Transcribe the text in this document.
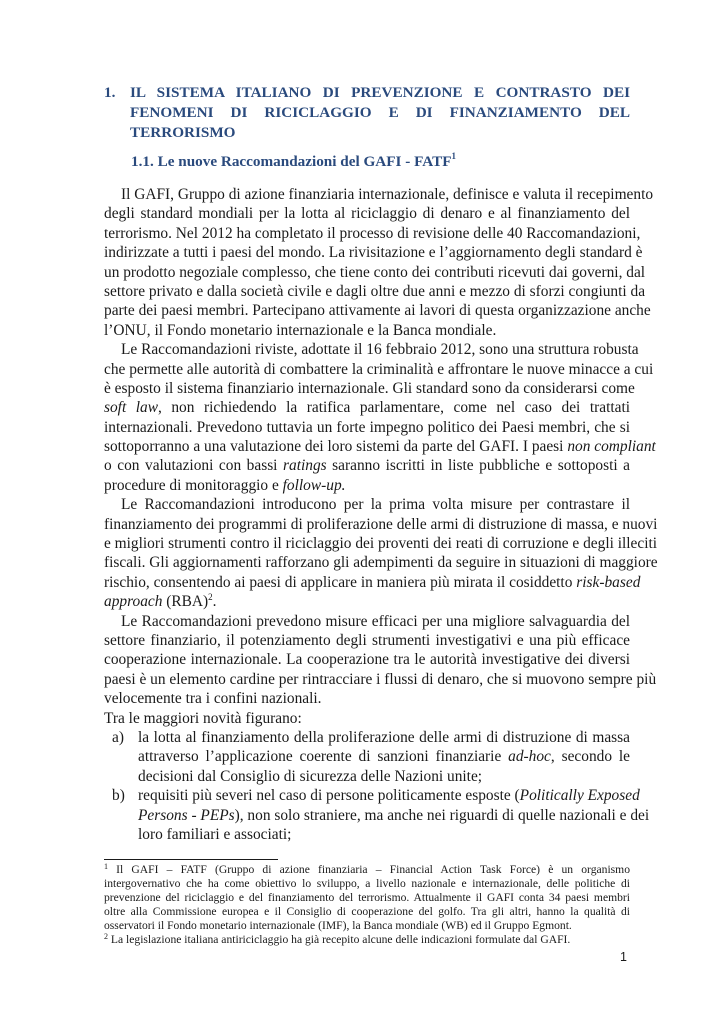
1. IL SISTEMA ITALIANO DI PREVENZIONE E CONTRASTO DEI
FENOMENI DI RICICLAGGIO E DI FINANZIAMENTO DEL
TERRORISMO
1.1. Le nuove Raccomandazioni del GAFI - FATF$^1$
Il GAFI, Gruppo di azione finanziaria internazionale, definisce e valuta il recepimento
degli standard mondiali per la lotta al riciclaggio di denaro e al finanziamento del
terrorismo. Nel 2012 ha completato il processo di revisione delle 40 Raccomandazioni,
indirizzate a tutti i paesi del mondo. La rivisitazione e l’aggiornamento degli standard è
un prodotto negoziale complesso, che tiene conto dei contributi ricevuti dai governi, dal
settore privato e dalla società civile e dagli oltre due anni e mezzo di sforzi congiunti da
parte dei paesi membri. Partecipano attivamente ai lavori di questa organizzazione anche
l’ONU, il Fondo monetario internazionale e la Banca mondiale.
Le Raccomandazioni riviste, adottate il 16 febbraio 2012, sono una struttura robusta
che permette alle autorità di combattere la criminalità e affrontare le nuove minacce a cui
è esposto il sistema finanziario internazionale. Gli standard sono da considerarsi come
soft law, non richiedendo la ratifica parlamentare, come nel caso dei trattati
internazionali. Prevedono tuttavia un forte impegno politico dei Paesi membri, che si
sottoporranno a una valutazione dei loro sistemi da parte del GAFI. I paesi non compliant
o con valutazioni con bassi ratings saranno iscritti in liste pubbliche e sottoposti a
procedure di monitoraggio e follow-up.
Le Raccomandazioni introducono per la prima volta misure per contrastare il
finanziamento dei programmi di proliferazione delle armi di distruzione di massa, e nuovi
e migliori strumenti contro il riciclaggio dei proventi dei reati di corruzione e degli illeciti
fiscali. Gli aggiornamenti rafforzano gli adempimenti da seguire in situazioni di maggiore
rischio, consentendo ai paesi di applicare in maniera più mirata il cosiddetto risk-based
approach (RBA)$^2$.
Le Raccomandazioni prevedono misure efficaci per una migliore salvaguardia del
settore finanziario, il potenziamento degli strumenti investigativi e una più efficace
cooperazione internazionale. La cooperazione tra le autorità investigative dei diversi
paesi è un elemento cardine per rintracciare i flussi di denaro, che si muovono sempre più
velocemente tra i confini nazionali.
Tra le maggiori novità figurano:
a) la lotta al finanziamento della proliferazione delle armi di distruzione di massa
attraverso l’applicazione coerente di sanzioni finanziarie ad-hoc, secondo le
decisioni dal Consiglio di sicurezza delle Nazioni unite;
b) requisiti più severi nel caso di persone politicamente esposte (Politically Exposed
Persons - PEPs), non solo straniere, ma anche nei riguardi di quelle nazionali e dei
loro familiari e associati;
$^1$ Il GAFI – FATF (Gruppo di azione finanziaria – Financial Action Task Force) è un organismo
intergovernativo che ha come obiettivo lo sviluppo, a livello nazionale e internazionale, delle politiche di
prevenzione del riciclaggio e del finanziamento del terrorismo. Attualmente il GAFI conta 34 paesi membri
oltre alla Commissione europea e il Consiglio di cooperazione del golfo. Tra gli altri, hanno la qualità di
osservatori il Fondo monetario internazionale (IMF), la Banca mondiale (WB) ed il Gruppo Egmont.
$^2$ La legislazione italiana antiriciclaggio ha già recepito alcune delle indicazioni formulate dal GAFI.
1
